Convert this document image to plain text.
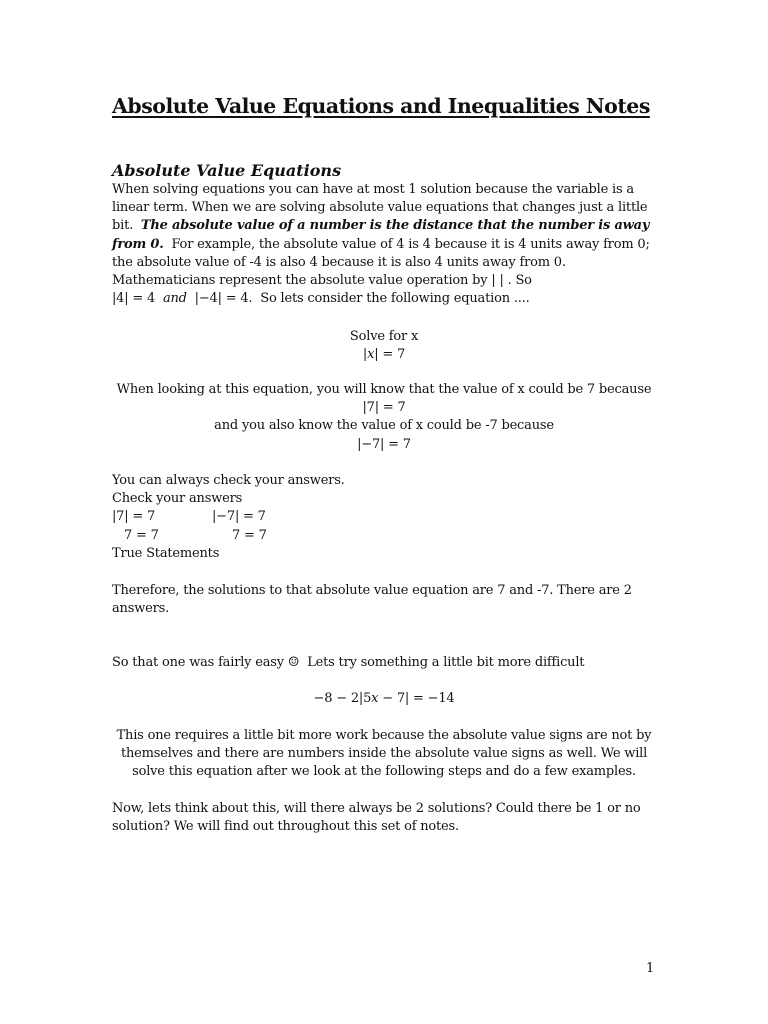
Absolute Value Equations and Inequalities Notes
Absolute Value Equations
When solving equations you can have at most 1 solution because the variable is a
linear term. When we are solving absolute value equations that changes just a little
bit. The absolute value of a number is the distance that the number is away
from 0. For example, the absolute value of 4 is 4 because it is 4 units away from 0;
the absolute value of -4 is also 4 because it is also 4 units away from 0.
Mathematicians represent the absolute value operation by | | . So
|4| = 4 and |−4| = 4. So lets consider the following equation ....
Solve for x
|x| = 7
When looking at this equation, you will know that the value of x could be 7 because
|7| = 7
and you also know the value of x could be -7 because
|−7| = 7
You can always check your answers.
Check your answers
|7| = 7	|−7| = 7
7 = 7	7 = 7
True Statements
Therefore, the solutions to that absolute value equation are 7 and -7. There are 2
answers.
So that one was fairly easy ☺ Lets try something a little bit more difficult
−8 − 2|5x − 7| = −14
This one requires a little bit more work because the absolute value signs are not by
themselves and there are numbers inside the absolute value signs as well. We will
solve this equation after we look at the following steps and do a few examples.
Now, lets think about this, will there always be 2 solutions? Could there be 1 or no
solution? We will find out throughout this set of notes.
1
